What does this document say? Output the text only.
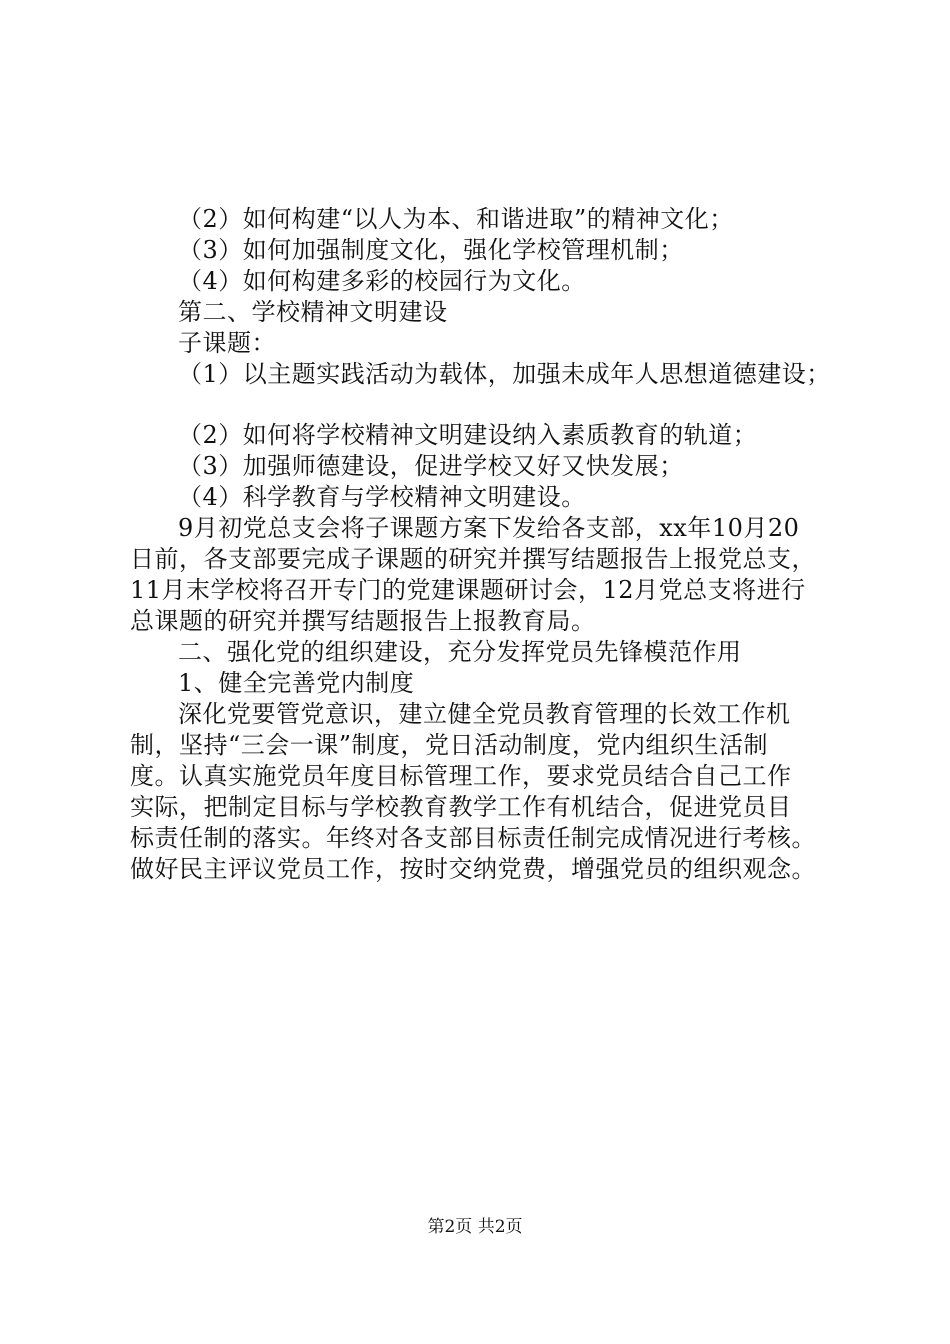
（2）如何构建“以人为本、和谐进取”的精神文化；
（3）如何加强制度文化，强化学校管理机制；
（4）如何构建多彩的校园行为文化。
第二、学校精神文明建设
子课题：
（1）以主题实践活动为载体，加强未成年人思想道德建设；
（2）如何将学校精神文明建设纳入素质教育的轨道；
（3）加强师德建设，促进学校又好又快发展；
（4）科学教育与学校精神文明建设。
9月初党总支会将子课题方案下发给各支部，xx年10月20
日前，各支部要完成子课题的研究并撰写结题报告上报党总支，
11月末学校将召开专门的党建课题研讨会，12月党总支将进行
总课题的研究并撰写结题报告上报教育局。
二、强化党的组织建设，充分发挥党员先锋模范作用
1、健全完善党内制度
深化党要管党意识，建立健全党员教育管理的长效工作机
制，坚持“三会一课”制度，党日活动制度，党内组织生活制
度。认真实施党员年度目标管理工作，要求党员结合自己工作
实际，把制定目标与学校教育教学工作有机结合，促进党员目
标责任制的落实。年终对各支部目标责任制完成情况进行考核。
做好民主评议党员工作，按时交纳党费，增强党员的组织观念。
第2页 共2页
